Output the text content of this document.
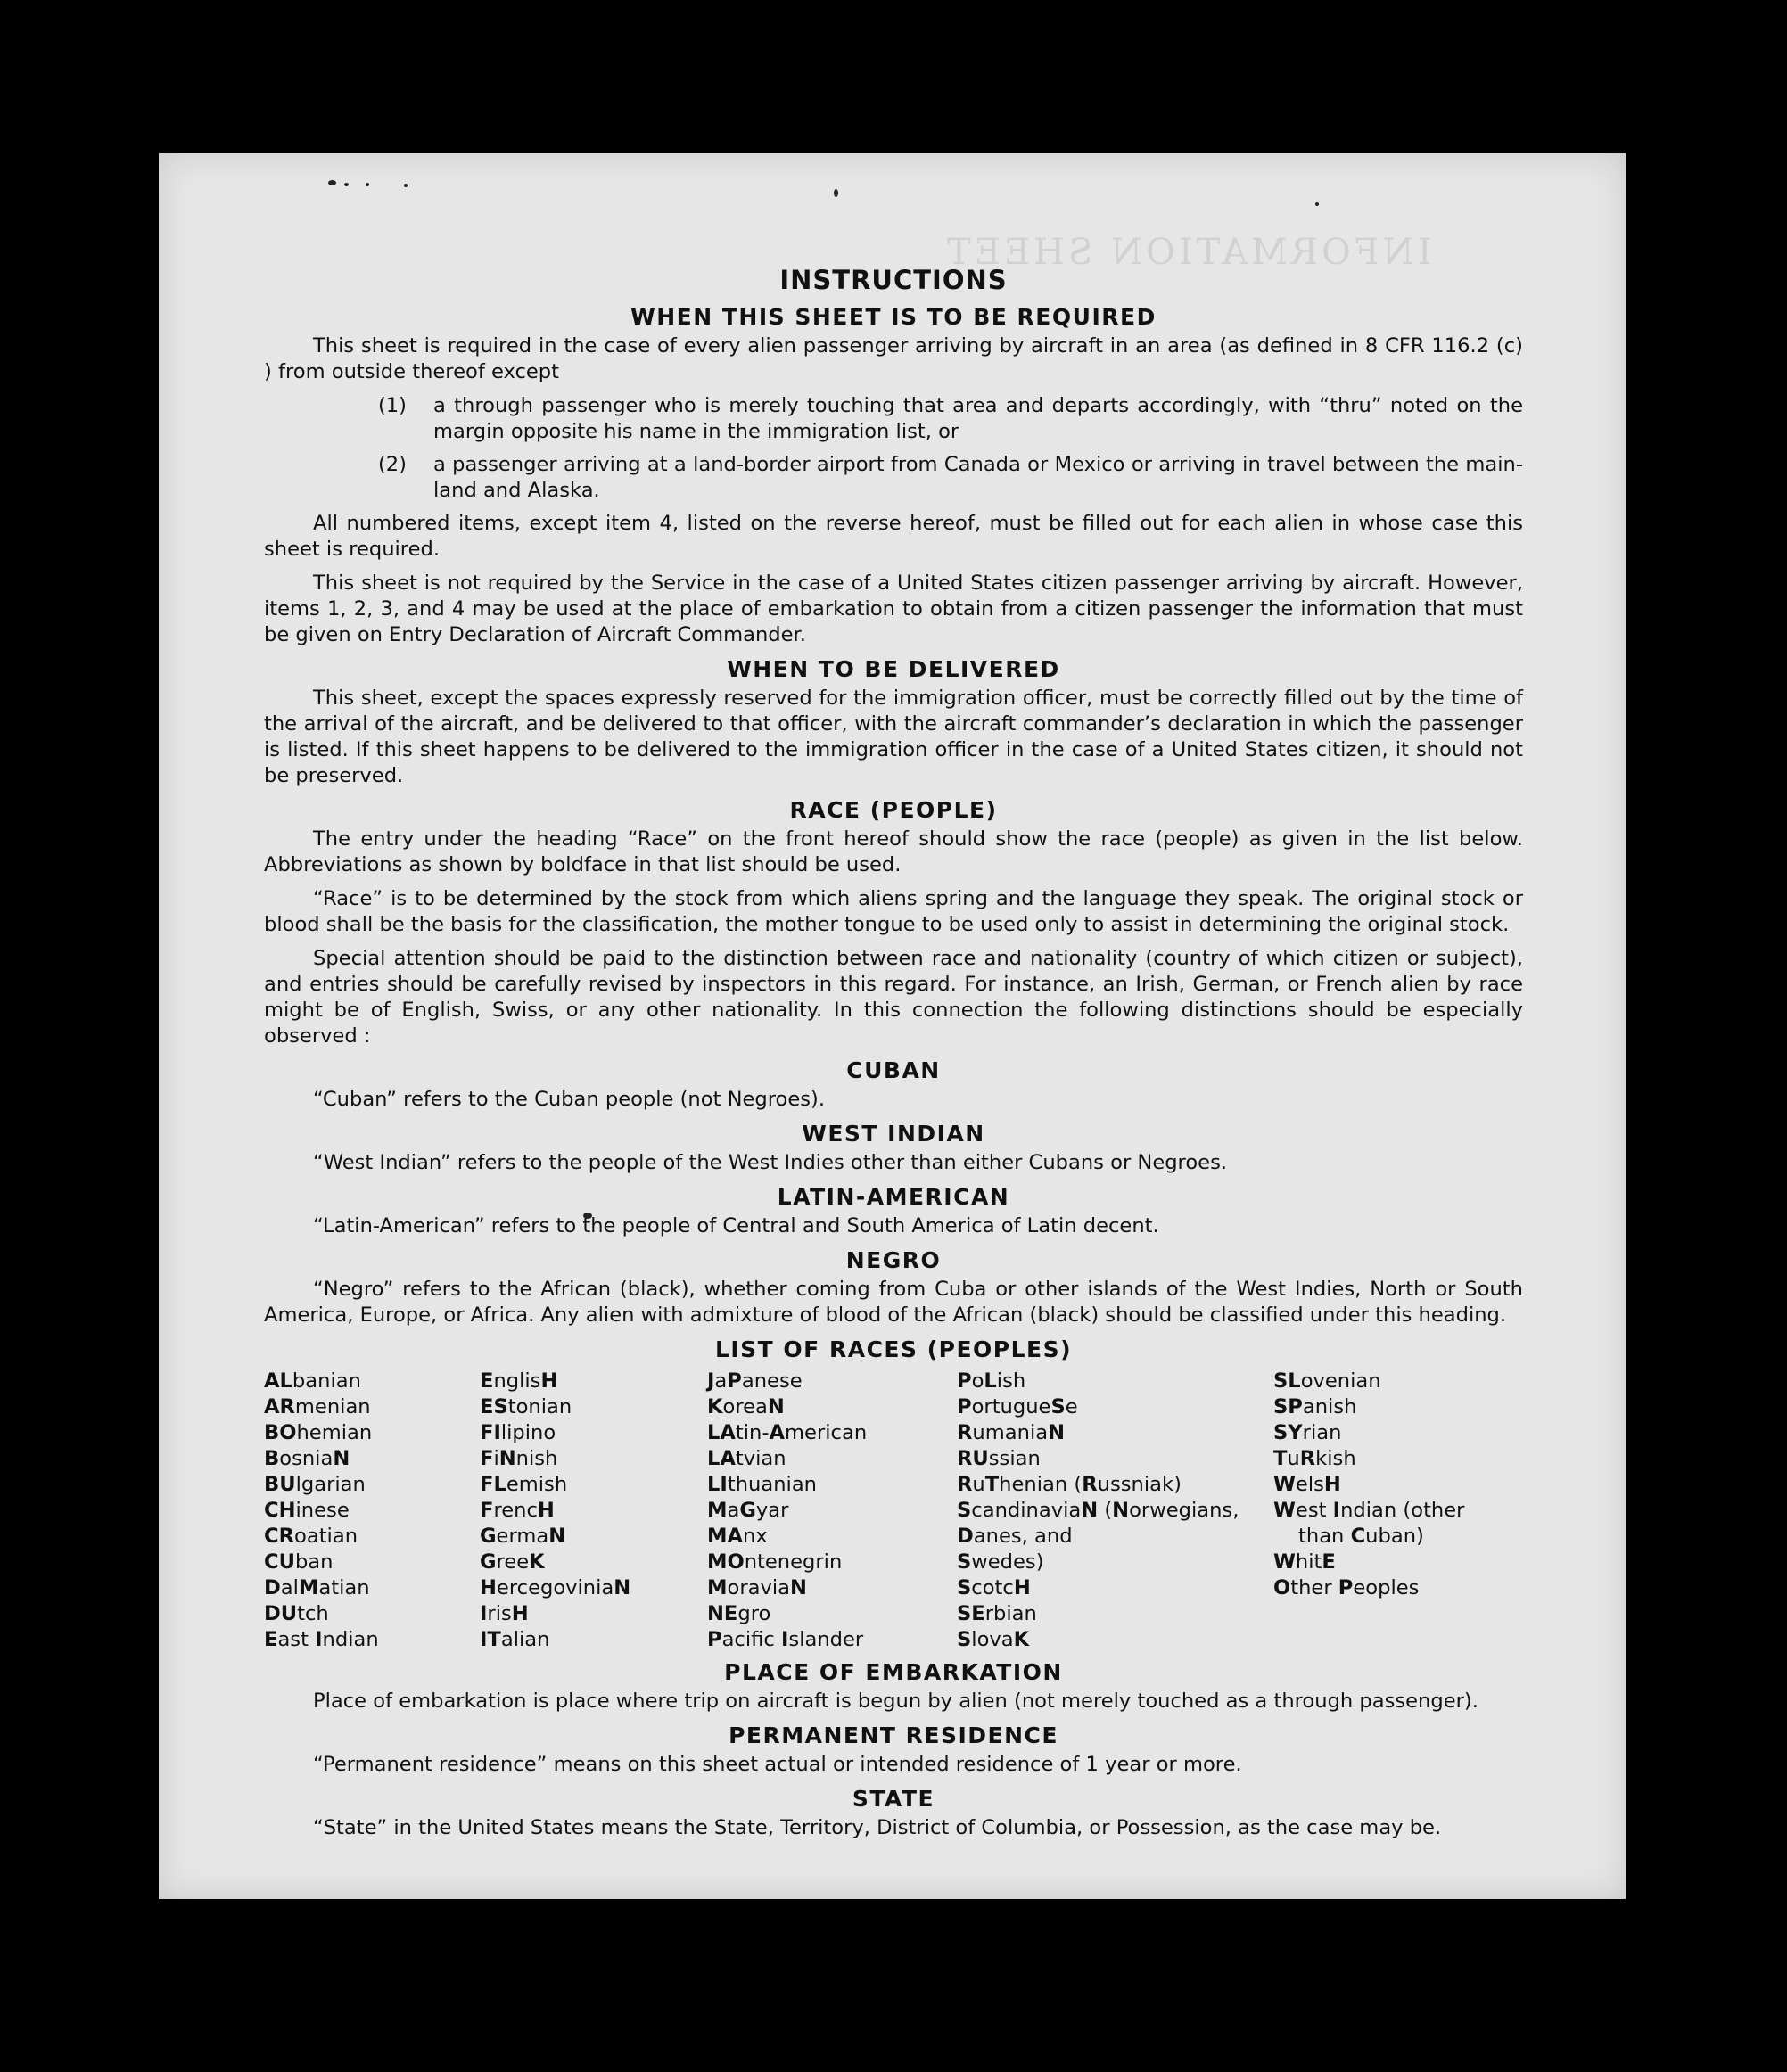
INFORMATION SHEET
INSTRUCTIONS
WHEN THIS SHEET IS TO BE REQUIRED
This sheet is required in the case of every alien passenger arriving by aircraft in an area (as defined in 8 CFR 116.2 (c) ) from outside thereof except
(1)	a through passenger who is merely touching that area and departs accordingly, with “thru” noted on the margin opposite his name in the immigration list, or
(2)	a passenger arriving at a land-border airport from Canada or Mexico or arriving in travel between the main-land and Alaska.
All numbered items, except item 4, listed on the reverse hereof, must be filled out for each alien in whose case this sheet is required.
This sheet is not required by the Service in the case of a United States citizen passenger arriving by aircraft. However, items 1, 2, 3, and 4 may be used at the place of embarkation to obtain from a citizen passenger the information that must be given on Entry Declaration of Aircraft Commander.
WHEN TO BE DELIVERED
This sheet, except the spaces expressly reserved for the immigration officer, must be correctly filled out by the time of the arrival of the aircraft, and be delivered to that officer, with the aircraft commander’s declaration in which the passenger is listed. If this sheet happens to be delivered to the immigration officer in the case of a United States citizen, it should not be preserved.
RACE (PEOPLE)
The entry under the heading “Race” on the front hereof should show the race (people) as given in the list below. Abbreviations as shown by boldface in that list should be used.
“Race” is to be determined by the stock from which aliens spring and the language they speak. The original stock or blood shall be the basis for the classification, the mother tongue to be used only to assist in determining the original stock.
Special attention should be paid to the distinction between race and nationality (country of which citizen or subject), and entries should be carefully revised by inspectors in this regard. For instance, an Irish, German, or French alien by race might be of English, Swiss, or any other nationality. In this connection the following distinctions should be especially observed :
CUBAN
“Cuban” refers to the Cuban people (not Negroes).
WEST INDIAN
“West Indian” refers to the people of the West Indies other than either Cubans or Negroes.
LATIN-AMERICAN
“Latin-American” refers to the people of Central and South America of Latin decent.
NEGRO
“Negro” refers to the African (black), whether coming from Cuba or other islands of the West Indies, North or South America, Europe, or Africa. Any alien with admixture of blood of the African (black) should be classified under this heading.
LIST OF RACES (PEOPLES)
ALbanian
ARmenian
BOhemian
BosniaN
BUlgarian
CHinese
CRoatian
CUban
DalMatian
DUtch
East Indian
EnglisH
EStonian
FIlipino
FiNnish
FLemish
FrencH
GermaN
GreeK
HercegoviniaN
IrisH
ITalian
JaPanese
KoreaN
LAtin-American
LAtvian
LIthuanian
MaGyar
MAnx
MOntenegrin
MoraviaN
NEgro
Pacifc Islander
PoLish
PortugueSe
RumaniaN
RUssian
RuThenian (Russniak)
ScandinaviaN (Norwegians,
Danes, and
Swedes)
ScotcH
SErbian
SlovaK
SLovenian
SPanish
SYrian
TuRkish
WelsH
West Indian (other
than Cuban)
WhitE
Other Peoples
PLACE OF EMBARKATION
Place of embarkation is place where trip on aircraft is begun by alien (not merely touched as a through passenger).
PERMANENT RESIDENCE
“Permanent residence” means on this sheet actual or intended residence of 1 year or more.
STATE
“State” in the United States means the State, Territory, District of Columbia, or Possession, as the case may be.
